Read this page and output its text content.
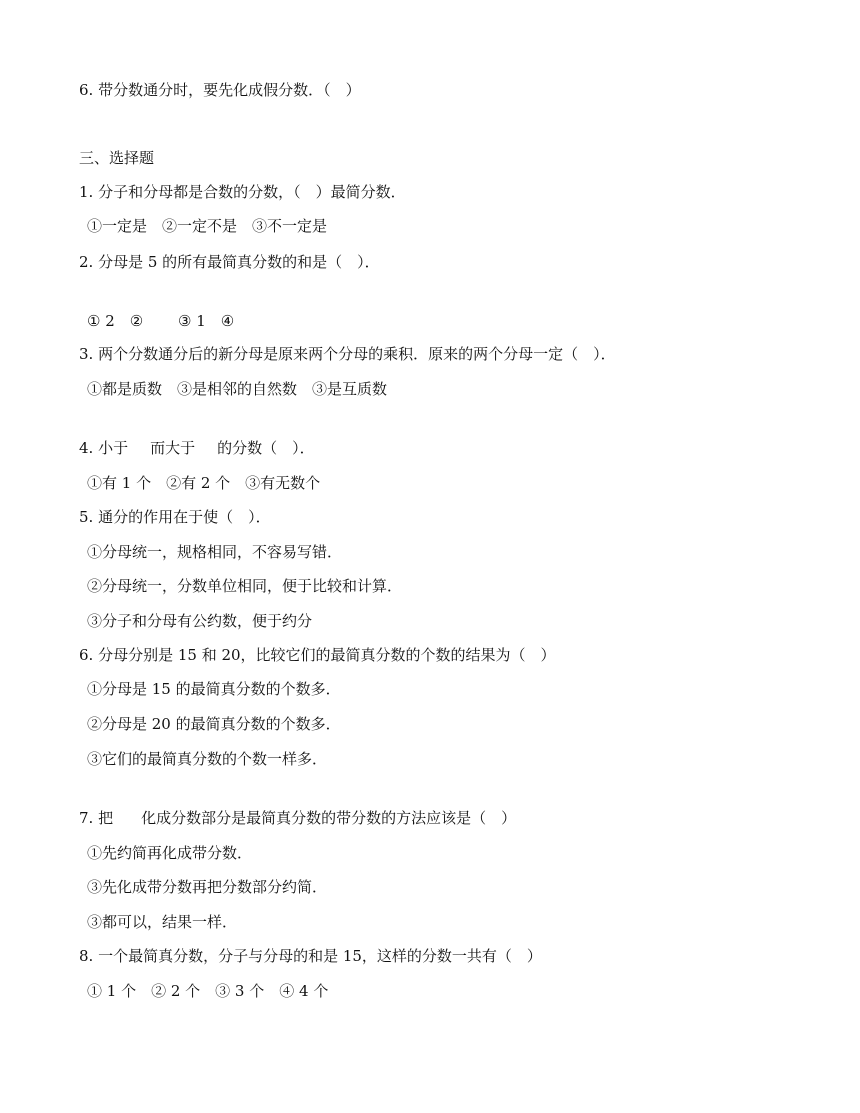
6. 带分数通分时，要先化成假分数．（　）
三、选择题
1. 分子和分母都是合数的分数，（　）最简分数．
①一定是　②一定不是　③不一定是
2. 分母是 5 的所有最简真分数的和是（　）．
① 2　②　　 ③ 1　④
3. 两个分数通分后的新分母是原来两个分母的乘积．原来的两个分母一定（　）．
①都是质数　③是相邻的自然数　③是互质数
4. 小于 而大于 的分数（　）．
①有 1 个　②有 2 个　③有无数个
5. 通分的作用在于使（　）．
①分母统一，规格相同，不容易写错．
②分母统一，分数单位相同，便于比较和计算．
③分子和分母有公约数，便于约分
6. 分母分别是 15 和 20，比较它们的最简真分数的个数的结果为（　）
①分母是 15 的最简真分数的个数多．
②分母是 20 的最简真分数的个数多．
③它们的最简真分数的个数一样多．
7. 把 化成分数部分是最简真分数的带分数的方法应该是（　）
①先约简再化成带分数．
③先化成带分数再把分数部分约简．
③都可以，结果一样．
8. 一个最简真分数，分子与分母的和是 15，这样的分数一共有（　）
① 1 个　② 2 个　③ 3 个　④ 4 个
